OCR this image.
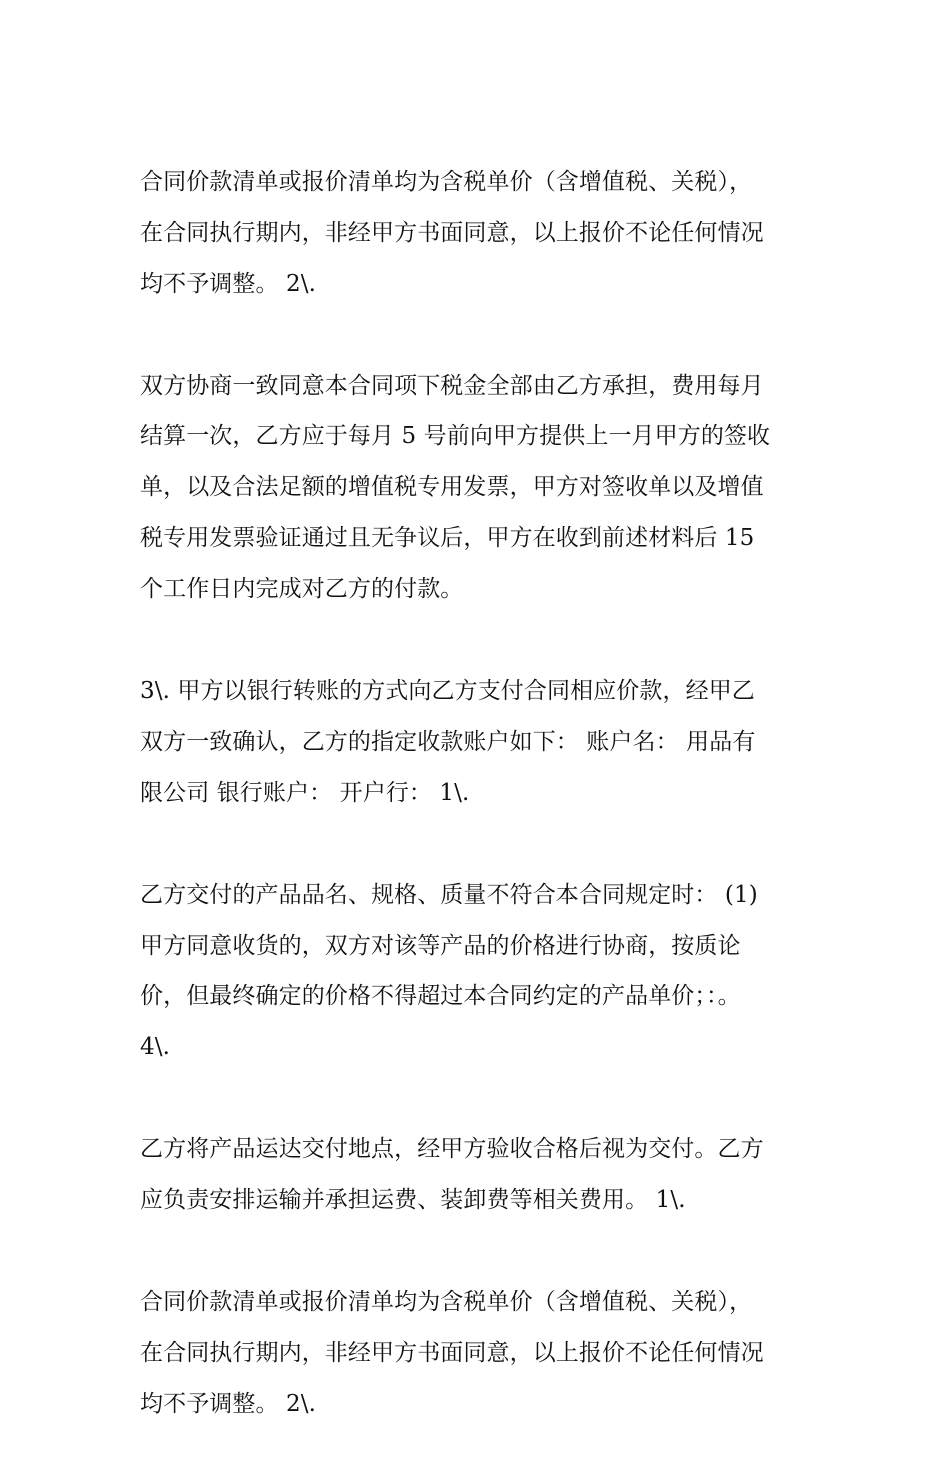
合同价款清单或报价清单均为含税单价（含增值税、关税），
在合同执行期内，非经甲方书面同意，以上报价不论任何情况
均不予调整。 2\.

双方协商一致同意本合同项下税金全部由乙方承担，费用每月
结算一次，乙方应于每月 5 号前向甲方提供上一月甲方的签收
单，以及合法足额的增值税专用发票，甲方对签收单以及增值
税专用发票验证通过且无争议后，甲方在收到前述材料后 15
个工作日内完成对乙方的付款。

3\. 甲方以银行转账的方式向乙方支付合同相应价款，经甲乙
双方一致确认，乙方的指定收款账户如下： 账户名： 用品有
限公司 银行账户： 开户行： 1\.

乙方交付的产品品名、规格、质量不符合本合同规定时： (1)
甲方同意收货的，双方对该等产品的价格进行协商，按质论
价，但最终确定的价格不得超过本合同约定的产品单价；：。
4\.

乙方将产品运达交付地点，经甲方验收合格后视为交付。乙方
应负责安排运输并承担运费、装卸费等相关费用。 1\.

合同价款清单或报价清单均为含税单价（含增值税、关税），
在合同执行期内，非经甲方书面同意，以上报价不论任何情况
均不予调整。 2\.
